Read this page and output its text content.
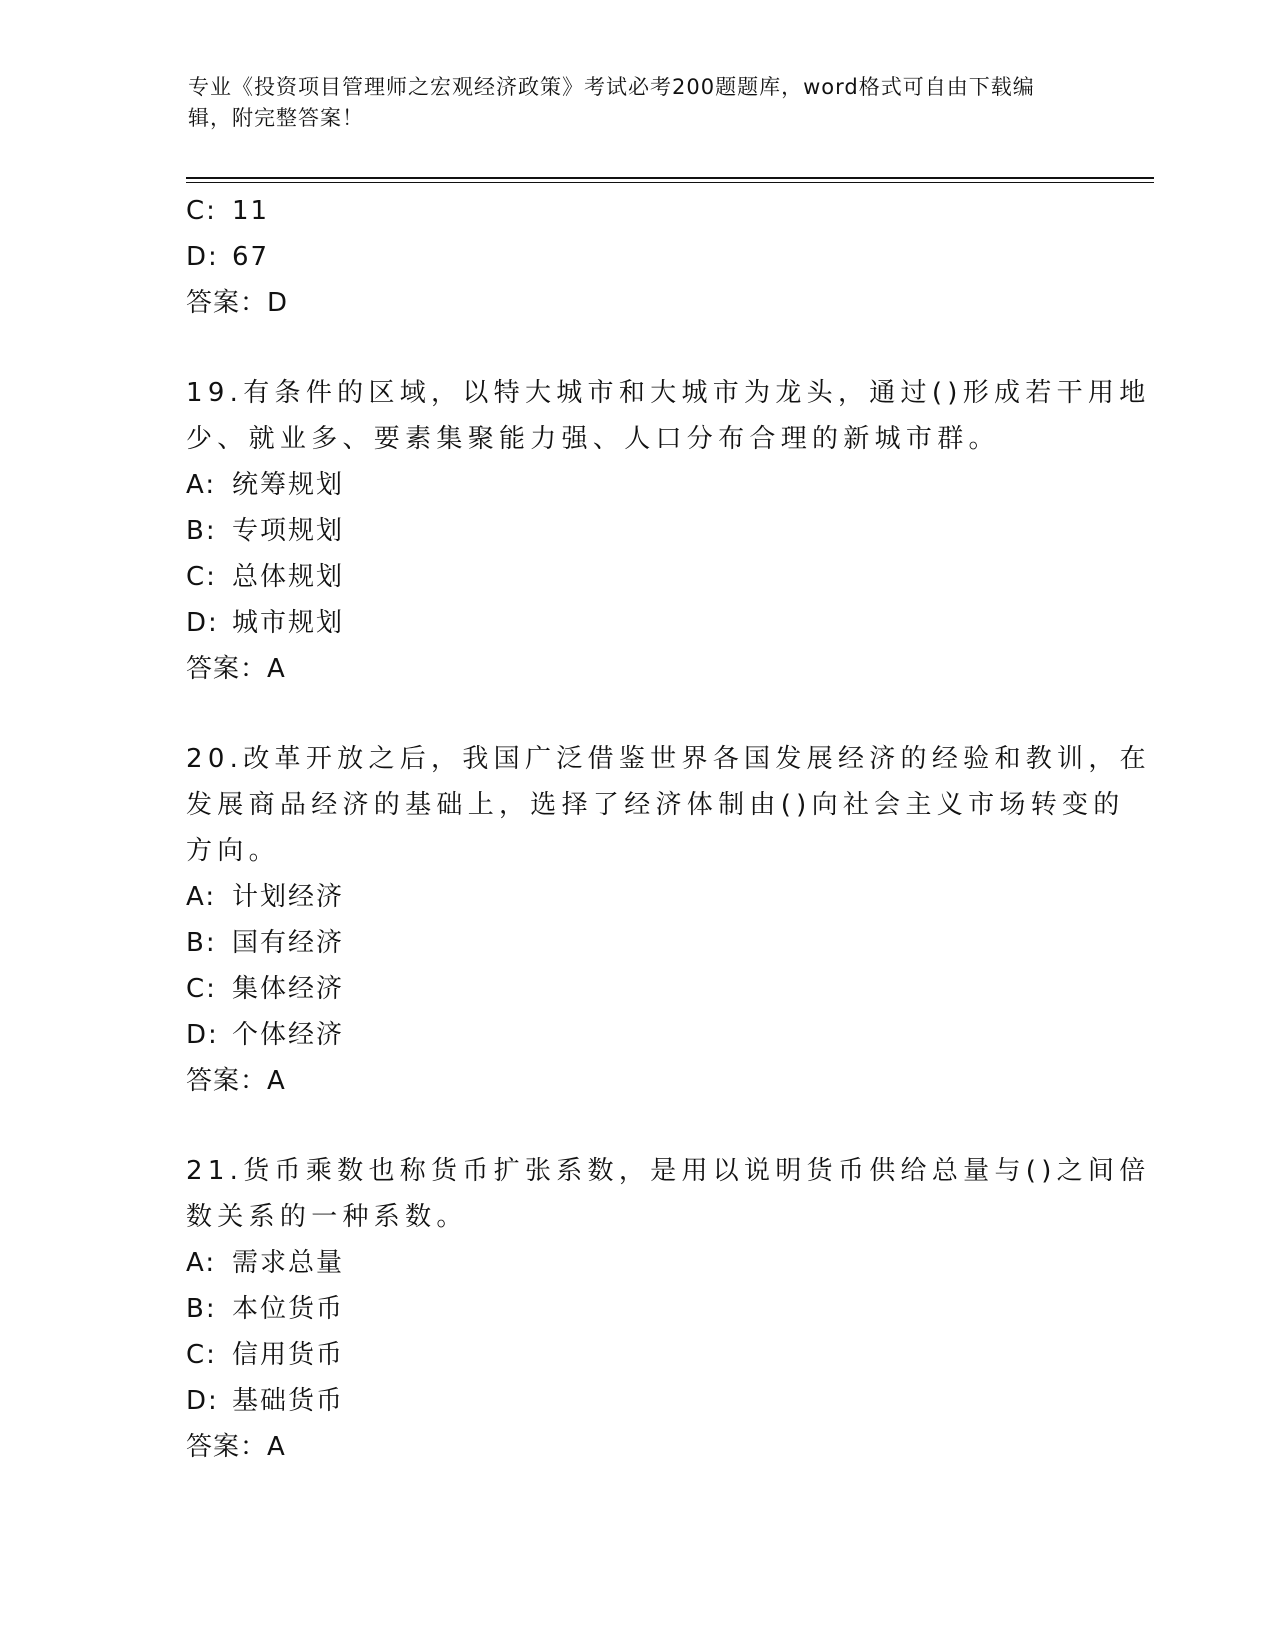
专业《投资项目管理师之宏观经济政策》考试必考200题题库，word格式可自由下载编辑，附完整答案！
C: 11
D: 67
答案：D
19.有条件的区域，以特大城市和大城市为龙头，通过()形成若干用地
少、就业多、要素集聚能力强、人口分布合理的新城市群。
A: 统筹规划
B: 专项规划
C: 总体规划
D: 城市规划
答案：A
20.改革开放之后，我国广泛借鉴世界各国发展经济的经验和教训，在
发展商品经济的基础上，选择了经济体制由()向社会主义市场转变的
方向。
A: 计划经济
B: 国有经济
C: 集体经济
D: 个体经济
答案：A
21.货币乘数也称货币扩张系数，是用以说明货币供给总量与()之间倍
数关系的一种系数。
A: 需求总量
B: 本位货币
C: 信用货币
D: 基础货币
答案：A
